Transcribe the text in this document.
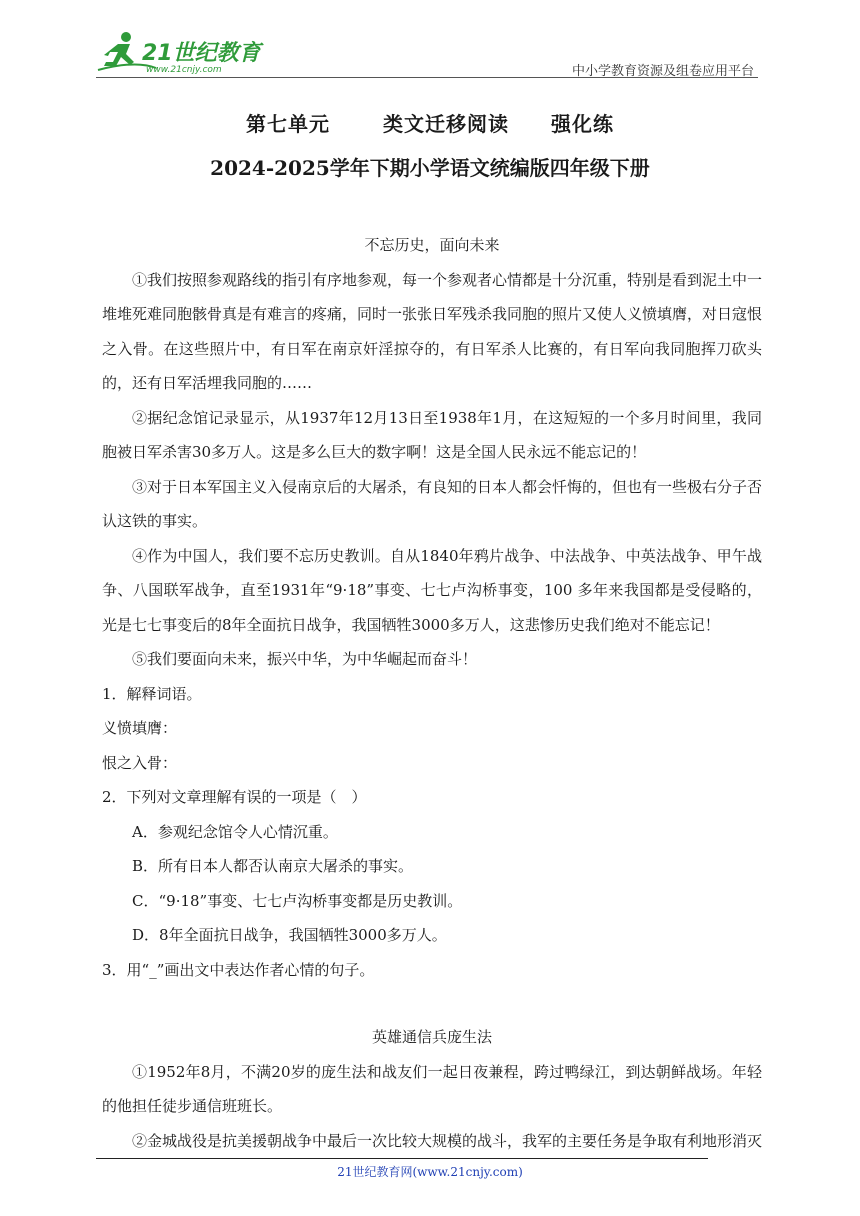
21世纪教育
www.21cnjy.com	中小学教育资源及组卷应用平台
第七单元　 类文迁移阅读　　强化练
2024-2025学年下期小学语文统编版四年级下册

不忘历史，面向未来

①我们按照参观路线的指引有序地参观，每一个参观者心情都是十分沉重，特别是看到泥土中一堆堆死难同胞骸骨真是有难言的疼痛，同时一张张日军残杀我同胞的照片又使人义愤填膺，对日寇恨之入骨。在这些照片中，有日军在南京奸淫掠夺的，有日军杀人比赛的，有日军向我同胞挥刀砍头的，还有日军活埋我同胞的……

②据纪念馆记录显示，从1937年12月13日至1938年1月，在这短短的一个多月时间里，我同胞被日军杀害30多万人。这是多么巨大的数字啊！这是全国人民永远不能忘记的！

③对于日本军国主义入侵南京后的大屠杀，有良知的日本人都会忏悔的，但也有一些极右分子否认这铁的事实。

④作为中国人，我们要不忘历史教训。自从1840年鸦片战争、中法战争、中英法战争、甲午战争、八国联军战争，直至1931年“9·18”事变、七七卢沟桥事变，100 多年来我国都是受侵略的，光是七七事变后的8年全面抗日战争，我国牺牲3000多万人，这悲惨历史我们绝对不能忘记！

⑤我们要面向未来，振兴中华，为中华崛起而奋斗！

1．解释词语。

义愤填膺：

恨之入骨：

2．下列对文章理解有误的一项是（　）

A．参观纪念馆令人心情沉重。

B．所有日本人都否认南京大屠杀的事实。

C．“9·18”事变、七七卢沟桥事变都是历史教训。

D．8年全面抗日战争，我国牺牲3000多万人。

3．用“_”画出文中表达作者心情的句子。

英雄通信兵庞生法

①1952年8月，不满20岁的庞生法和战友们一起日夜兼程，跨过鸭绿江，到达朝鲜战场。年轻的他担任徒步通信班班长。

②金城战役是抗美援朝战争中最后一次比较大规模的战斗，我军的主要任务是争取有利地形消灭

21世纪教育网(www.21cnjy.com)
